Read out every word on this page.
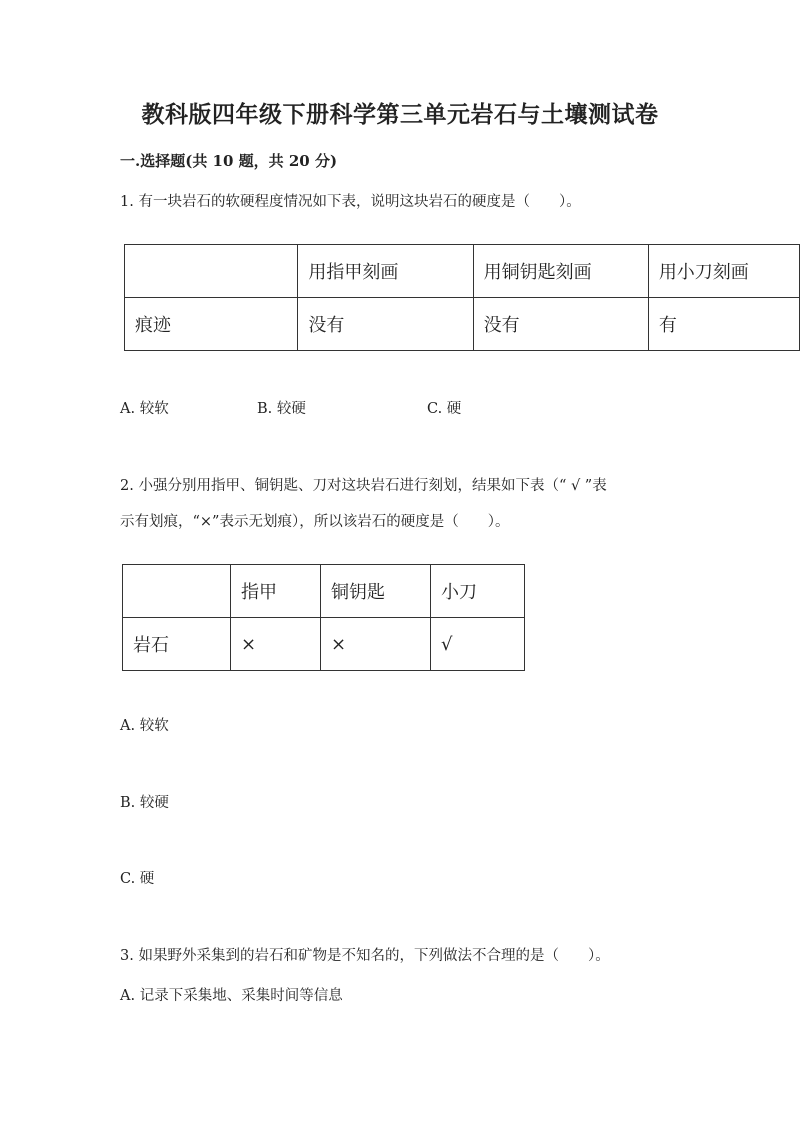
教科版四年级下册科学第三单元岩石与土壤测试卷
一.选择题(共 10 题，共 20 分)
1. 有一块岩石的软硬程度情况如下表，说明这块岩石的硬度是（　　）。
	用指甲刻画	用铜钥匙刻画	用小刀刻画
痕迹	没有	没有	有
A. 较软	B. 较硬	C. 硬
2. 小强分别用指甲、铜钥匙、刀对这块岩石进行刻划，结果如下表（“ √ ”表
示有划痕，“×”表示无划痕），所以该岩石的硬度是（　　）。
	指甲	铜钥匙	小刀
岩石	×	×	√
A. 较软
B. 较硬
C. 硬
3. 如果野外采集到的岩石和矿物是不知名的，下列做法不合理的是（　　）。
A. 记录下采集地、采集时间等信息
